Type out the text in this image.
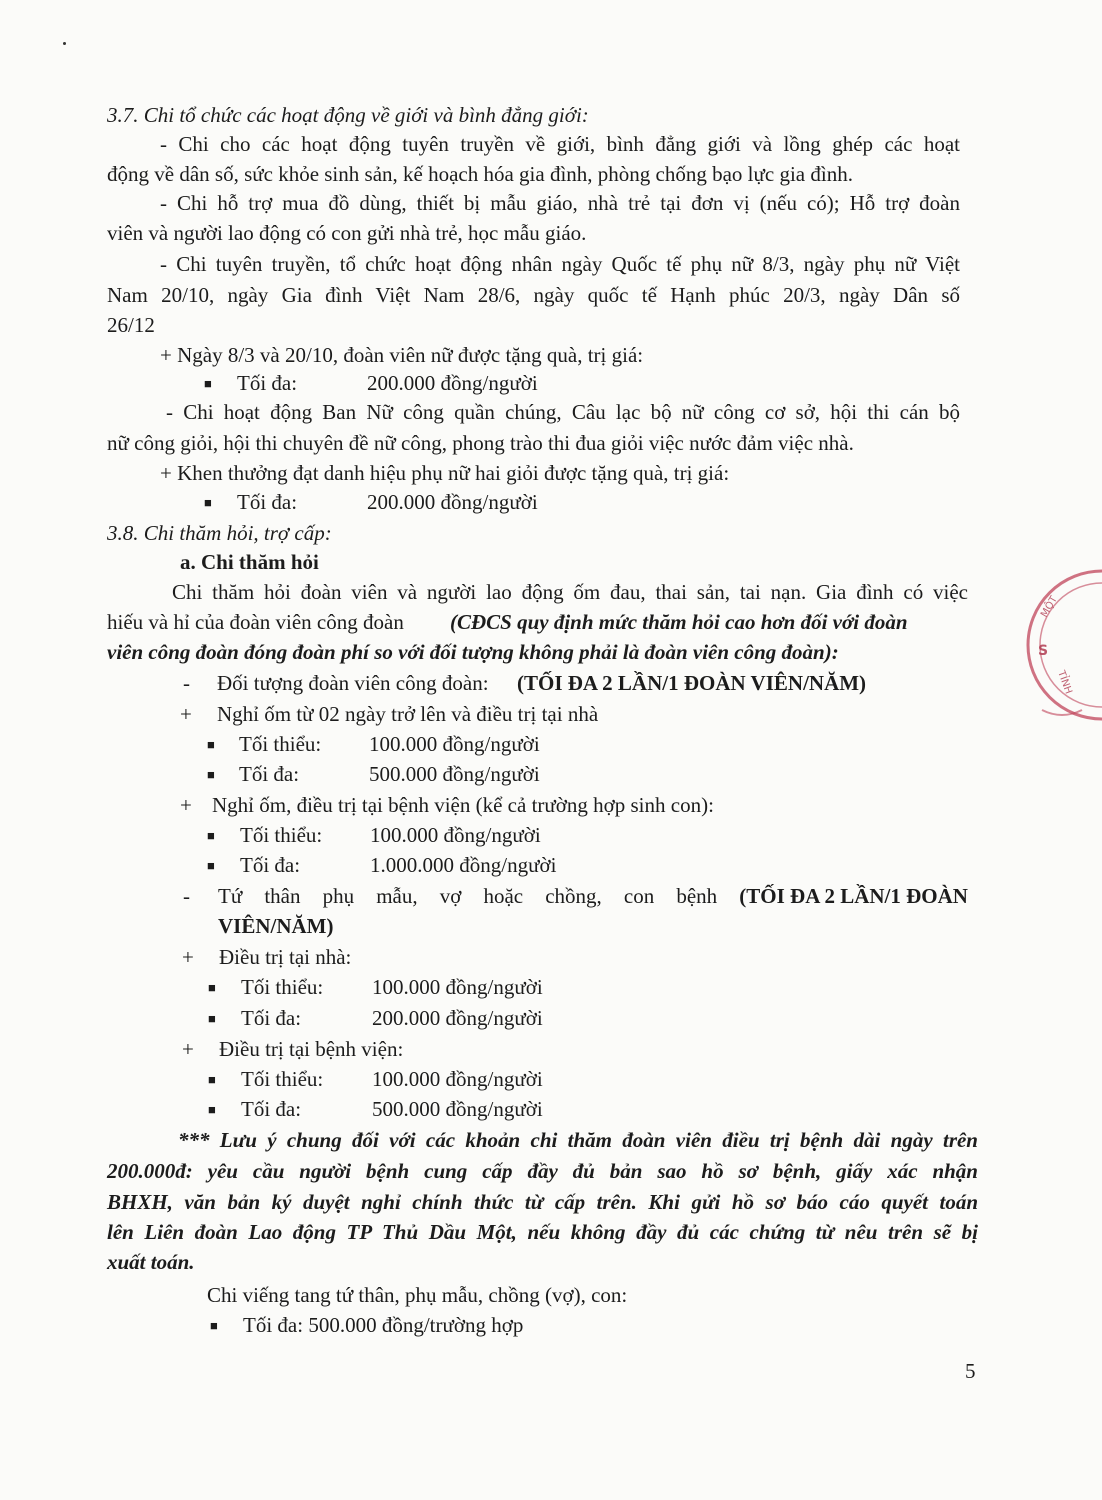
3.7. Chi tổ chức các hoạt động về giới và bình đẳng giới:
- Chi cho các hoạt động tuyên truyền về giới, bình đẳng giới và lồng ghép các hoạt
động về dân số, sức khỏe sinh sản, kế hoạch hóa gia đình, phòng chống bạo lực gia đình.
- Chi hỗ trợ mua đồ dùng, thiết bị mẫu giáo, nhà trẻ tại đơn vị (nếu có); Hỗ trợ đoàn
viên và người lao động có con gửi nhà trẻ, học mẫu giáo.
- Chi tuyên truyền, tổ chức hoạt động nhân ngày Quốc tế phụ nữ 8/3, ngày phụ nữ Việt
Nam 20/10, ngày Gia đình Việt Nam 28/6, ngày quốc tế Hạnh phúc 20/3, ngày Dân số
26/12
+ Ngày 8/3 và 20/10, đoàn viên nữ được tặng quà, trị giá:
■ Tối đa:	200.000 đồng/người
- Chi hoạt động Ban Nữ công quần chúng, Câu lạc bộ nữ công cơ sở, hội thi cán bộ
nữ công giỏi, hội thi chuyên đề nữ công, phong trào thi đua giỏi việc nước đảm việc nhà.
+ Khen thưởng đạt danh hiệu phụ nữ hai giỏi được tặng quà, trị giá:
■ Tối đa:	200.000 đồng/người
3.8. Chi thăm hỏi, trợ cấp:
a. Chi thăm hỏi
Chi thăm hỏi đoàn viên và người lao động ốm đau, thai sản, tai nạn. Gia đình có việc
hiếu và hỉ của đoàn viên công đoàn (CĐCS quy định mức thăm hỏi cao hơn đối với đoàn
viên công đoàn đóng đoàn phí so với đối tượng không phải là đoàn viên công đoàn):
- Đối tượng đoàn viên công đoàn: (TỐI ĐA 2 LẦN/1 ĐOÀN VIÊN/NĂM)
+ Nghỉ ốm từ 02 ngày trở lên và điều trị tại nhà
■ Tối thiểu: 100.000 đồng/người
■ Tối đa:	500.000 đồng/người
+ Nghỉ ốm, điều trị tại bệnh viện (kể cả trường hợp sinh con):
■ Tối thiểu: 100.000 đồng/người
■ Tối đa:	1.000.000 đồng/người
- Tứ thân phụ mẫu, vợ hoặc chồng, con bệnh (TỐI ĐA 2 LẦN/1 ĐOÀN
VIÊN/NĂM)
+ Điều trị tại nhà:
■ Tối thiểu: 100.000 đồng/người
■ Tối đa:	200.000 đồng/người
+ Điều trị tại bệnh viện:
■ Tối thiểu: 100.000 đồng/người
■ Tối đa:	500.000 đồng/người
*** Lưu ý chung đối với các khoản chi thăm đoàn viên điều trị bệnh dài ngày trên
200.000đ: yêu cầu người bệnh cung cấp đầy đủ bản sao hồ sơ bệnh, giấy xác nhận
BHXH, văn bản ký duyệt nghỉ chính thức từ cấp trên. Khi gửi hồ sơ báo cáo quyết toán
lên Liên đoàn Lao động TP Thủ Dầu Một, nếu không đầy đủ các chứng từ nêu trên sẽ bị
xuất toán.
Chi viếng tang tứ thân, phụ mẫu, chồng (vợ), con:
■ Tối đa: 500.000 đồng/trường hợp
5
MỘT
TỈNH
S
